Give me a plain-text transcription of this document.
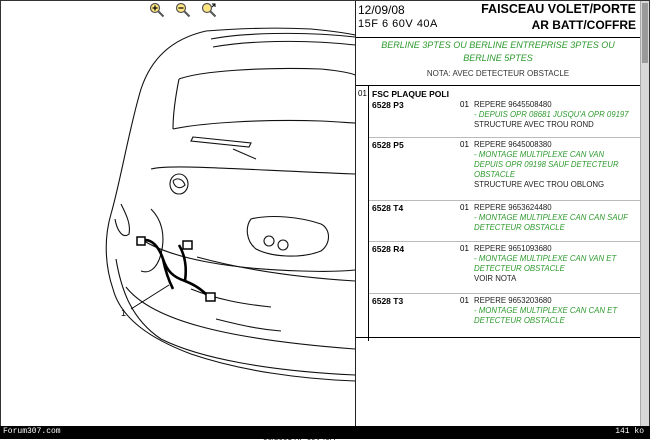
1
12/09/08	FAISCEAU VOLET/PORTE
15F 6 60V 40A	AR BATT/COFFRE
BERLINE 3PTES OU BERLINE ENTREPRISE 3PTES OU
BERLINE 5PTES
NOTA: AVEC DETECTEUR OBSTACLE
01 FSC PLAQUE POLI
6528 P3	01 REPERE 9645508480
- DEPUIS OPR 08681 JUSQU'A OPR 09197
STRUCTURE AVEC TROU ROND
6528 P5	01 REPERE 9645008380
- MONTAGE MULTIPLEXE CAN VAN
DEPUIS OPR 09198 SAUF DETECTEUR
OBSTACLE
STRUCTURE AVEC TROU OBLONG
6528 T4	01 REPERE 9653624480
- MONTAGE MULTIPLEXE CAN CAN SAUF
DETECTEUR OBSTACLE
6528 R4	01 REPERE 9651093680
- MONTAGE MULTIPLEXE CAN VAN ET
DETECTEUR OBSTACLE
VOIR NOTA
6528 T3	01 REPERE 9653203680
- MONTAGE MULTIPLEXE CAN CAN ET
DETECTEUR OBSTACLE
Forum307.com	141 ko
